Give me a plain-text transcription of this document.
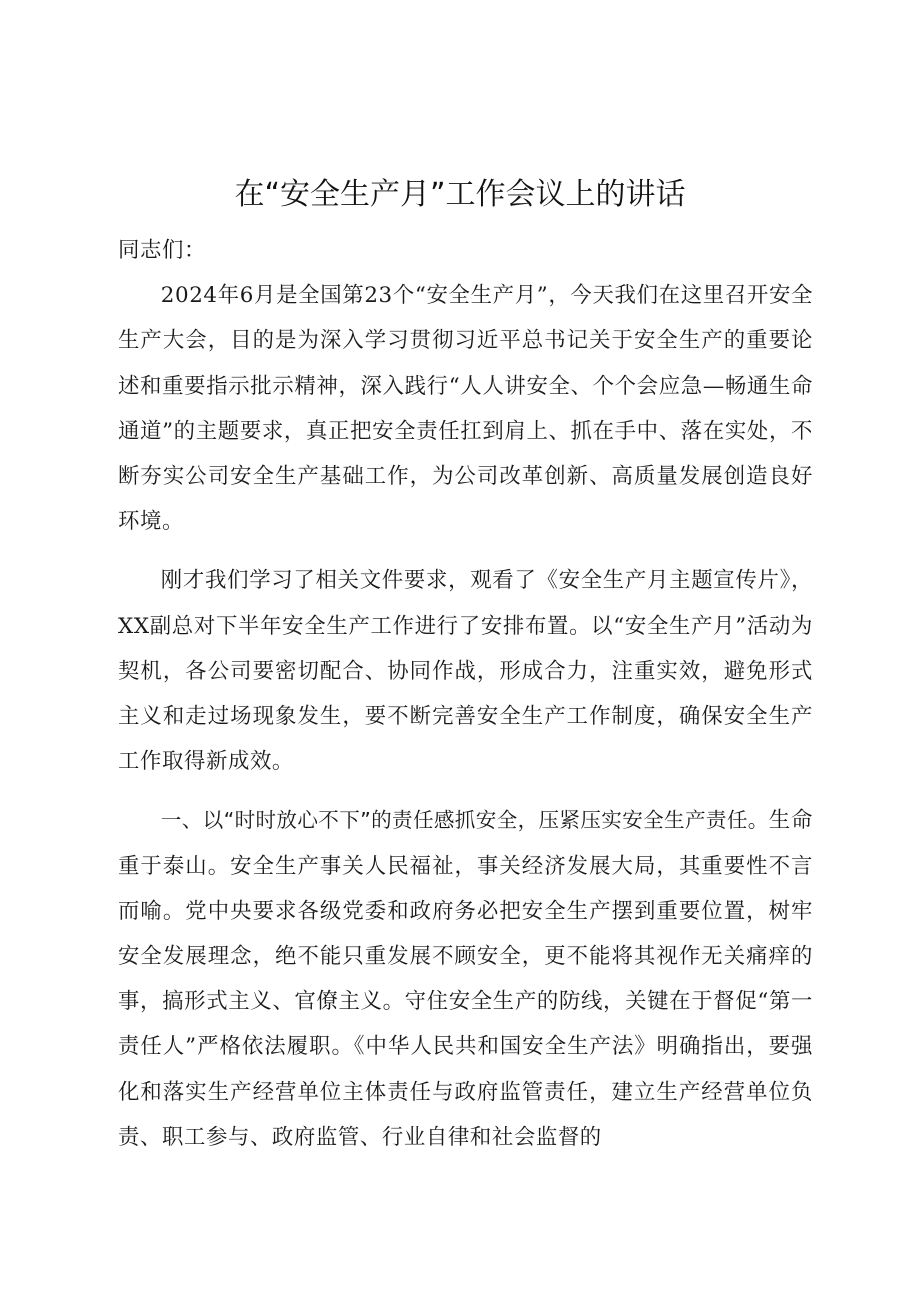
在“安全生产月”工作会议上的讲话

同志们：

2024年6月是全国第23个“安全生产月”，今天我们在这里召开安全生产大会，目的是为深入学习贯彻习近平总书记关于安全生产的重要论述和重要指示批示精神，深入践行“人人讲安全、个个会应急—畅通生命通道”的主题要求，真正把安全责任扛到肩上、抓在手中、落在实处，不断夯实公司安全生产基础工作，为公司改革创新、高质量发展创造良好环境。

刚才我们学习了相关文件要求，观看了《安全生产月主题宣传片》，XX副总对下半年安全生产工作进行了安排布置。以“安全生产月”活动为契机，各公司要密切配合、协同作战，形成合力，注重实效，避免形式主义和走过场现象发生，要不断完善安全生产工作制度，确保安全生产工作取得新成效。

一、以“时时放心不下”的责任感抓安全，压紧压实安全生产责任。生命重于泰山。安全生产事关人民福祉，事关经济发展大局，其重要性不言而喻。党中央要求各级党委和政府务必把安全生产摆到重要位置，树牢安全发展理念，绝不能只重发展不顾安全，更不能将其视作无关痛痒的事，搞形式主义、官僚主义。守住安全生产的防线，关键在于督促“第一责任人”严格依法履职。《中华人民共和国安全生产法》明确指出，要强化和落实生产经营单位主体责任与政府监管责任，建立生产经营单位负责、职工参与、政府监管、行业自律和社会监督的
